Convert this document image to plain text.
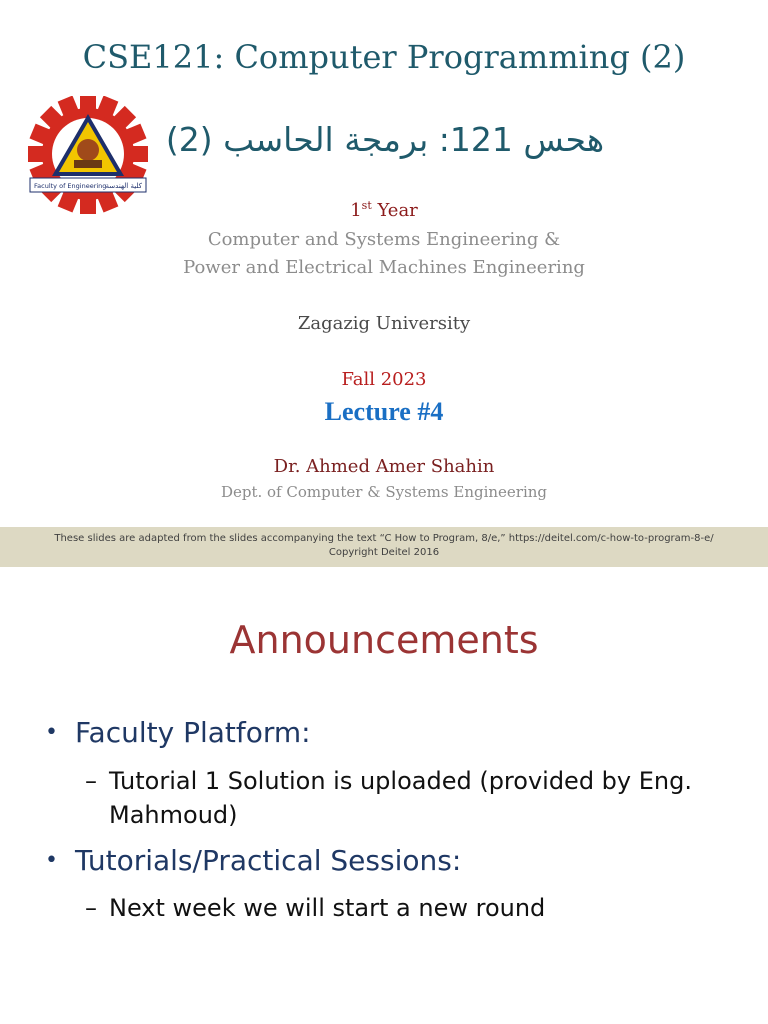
CSE121: Computer Programming (2)
Faculty of Engineering كلية الهندسة

هحس 121: برمجة الحاسب (2)

1st Year

Computer and Systems Engineering &

Power and Electrical Machines Engineering

Zagazig University

Fall 2023

Lecture #4

Dr. Ahmed Amer Shahin

Dept. of Computer & Systems Engineering

These slides are adapted from the slides accompanying the text “C How to Program, 8/e,” https://deitel.com/c-how-to-program-8-e/
Copyright Deitel 2016
Announcements

• Faculty Platform:

– Tutorial 1 Solution is uploaded (provided by Eng. Mahmoud)

• Tutorials/Practical Sessions:

– Next week we will start a new round
